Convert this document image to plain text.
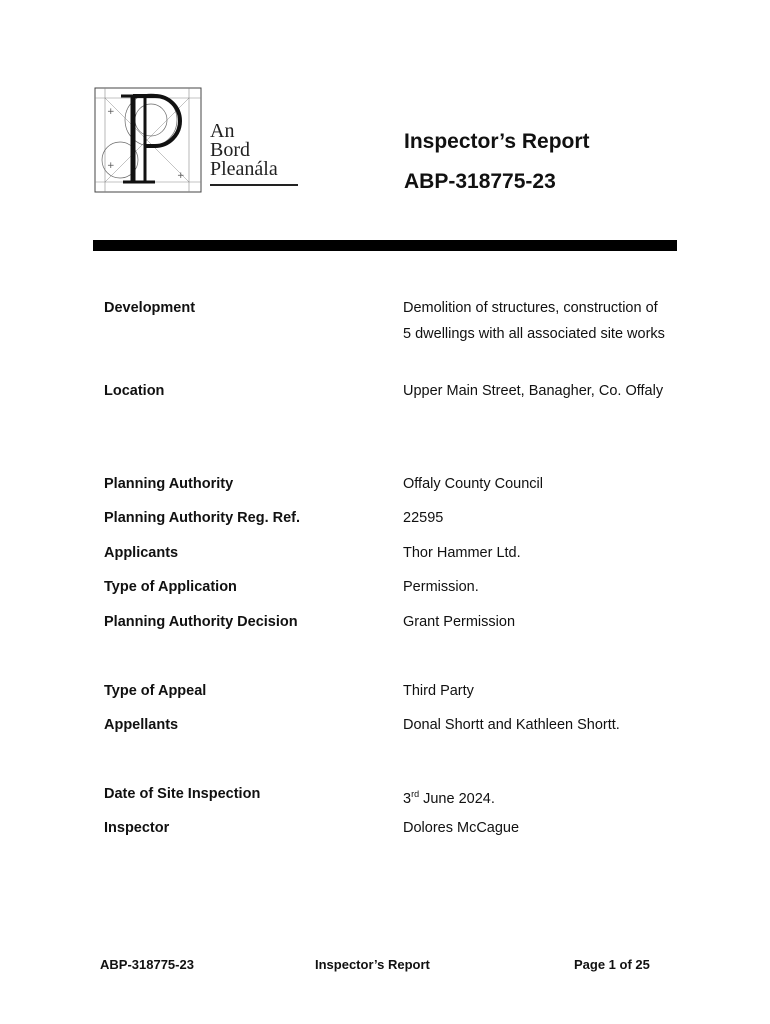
+
+
+
An
Bord
Pleanála
Inspector’s Report
ABP-318775-23
Development	Demolition of structures, construction of 5 dwellings with all associated site works
Location	Upper Main Street, Banagher, Co. Offaly
Planning Authority	Offaly County Council
Planning Authority Reg. Ref.	22595
Applicants	Thor Hammer Ltd.
Type of Application	Permission.
Planning Authority Decision	Grant Permission
Type of Appeal	Third Party
Appellants	Donal Shortt and Kathleen Shortt.
Date of Site Inspection	3rd June 2024.
Inspector	Dolores McCague
ABP-318775-23	Inspector’s Report	Page 1 of 25
